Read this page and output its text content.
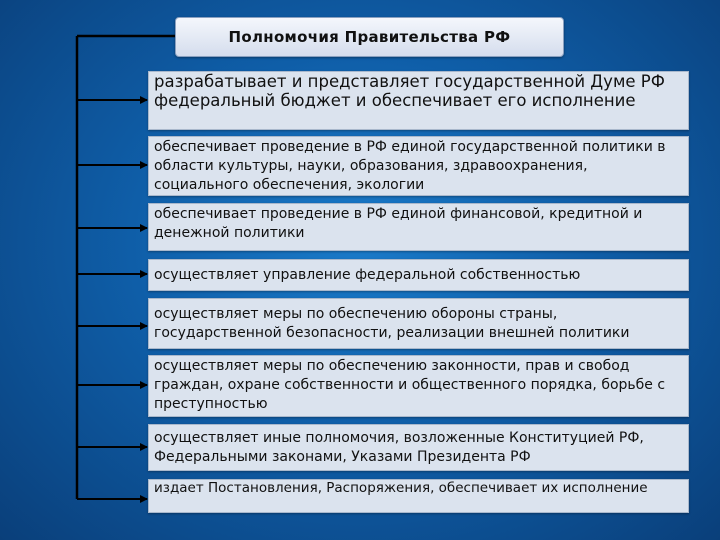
Полномочия Правительства РФ
разрабатывает и представляет государственной Думе РФ федеральный бюджет и обеспечивает его исполнение
обеспечивает проведение в РФ единой государственной политики в области культуры, науки, образования, здравоохранения, социального обеспечения, экологии
обеспечивает проведение в РФ единой финансовой, кредитной и денежной политики
осуществляет управление федеральной собственностью
осуществляет меры по обеспечению обороны страны, государственной безопасности, реализации внешней политики
осуществляет меры по обеспечению законности, прав и свобод граждан, охране собственности и общественного порядка, борьбе с преступностью
осуществляет иные полномочия, возложенные Конституцией РФ, Федеральными законами, Указами Президента РФ
издает Постановления, Распоряжения, обеспечивает их исполнение
